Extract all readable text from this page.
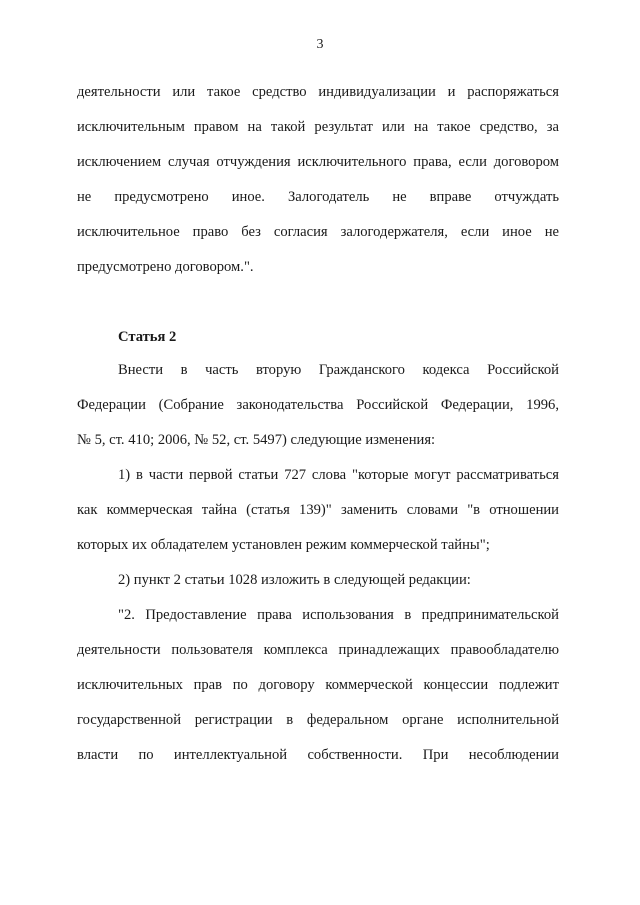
3
деятельности или такое средство индивидуализации и распоряжаться
исключительным правом на такой результат или на такое средство, за
исключением случая отчуждения исключительного права, если договором
не предусмотрено иное. Залогодатель не вправе отчуждать
исключительное право без согласия залогодержателя, если иное не
предусмотрено договором.".
Статья 2
Внести в часть вторую Гражданского кодекса Российской
Федерации (Собрание законодательства Российской Федерации, 1996,
№ 5, ст. 410; 2006, № 52, ст. 5497) следующие изменения:
1) в части первой статьи 727 слова "которые могут рассматриваться
как коммерческая тайна (статья 139)" заменить словами "в отношении
которых их обладателем установлен режим коммерческой тайны";
2) пункт 2 статьи 1028 изложить в следующей редакции:
"2. Предоставление права использования в предпринимательской
деятельности пользователя комплекса принадлежащих правообладателю
исключительных прав по договору коммерческой концессии подлежит
государственной регистрации в федеральном органе исполнительной
власти по интеллектуальной собственности. При несоблюдении
